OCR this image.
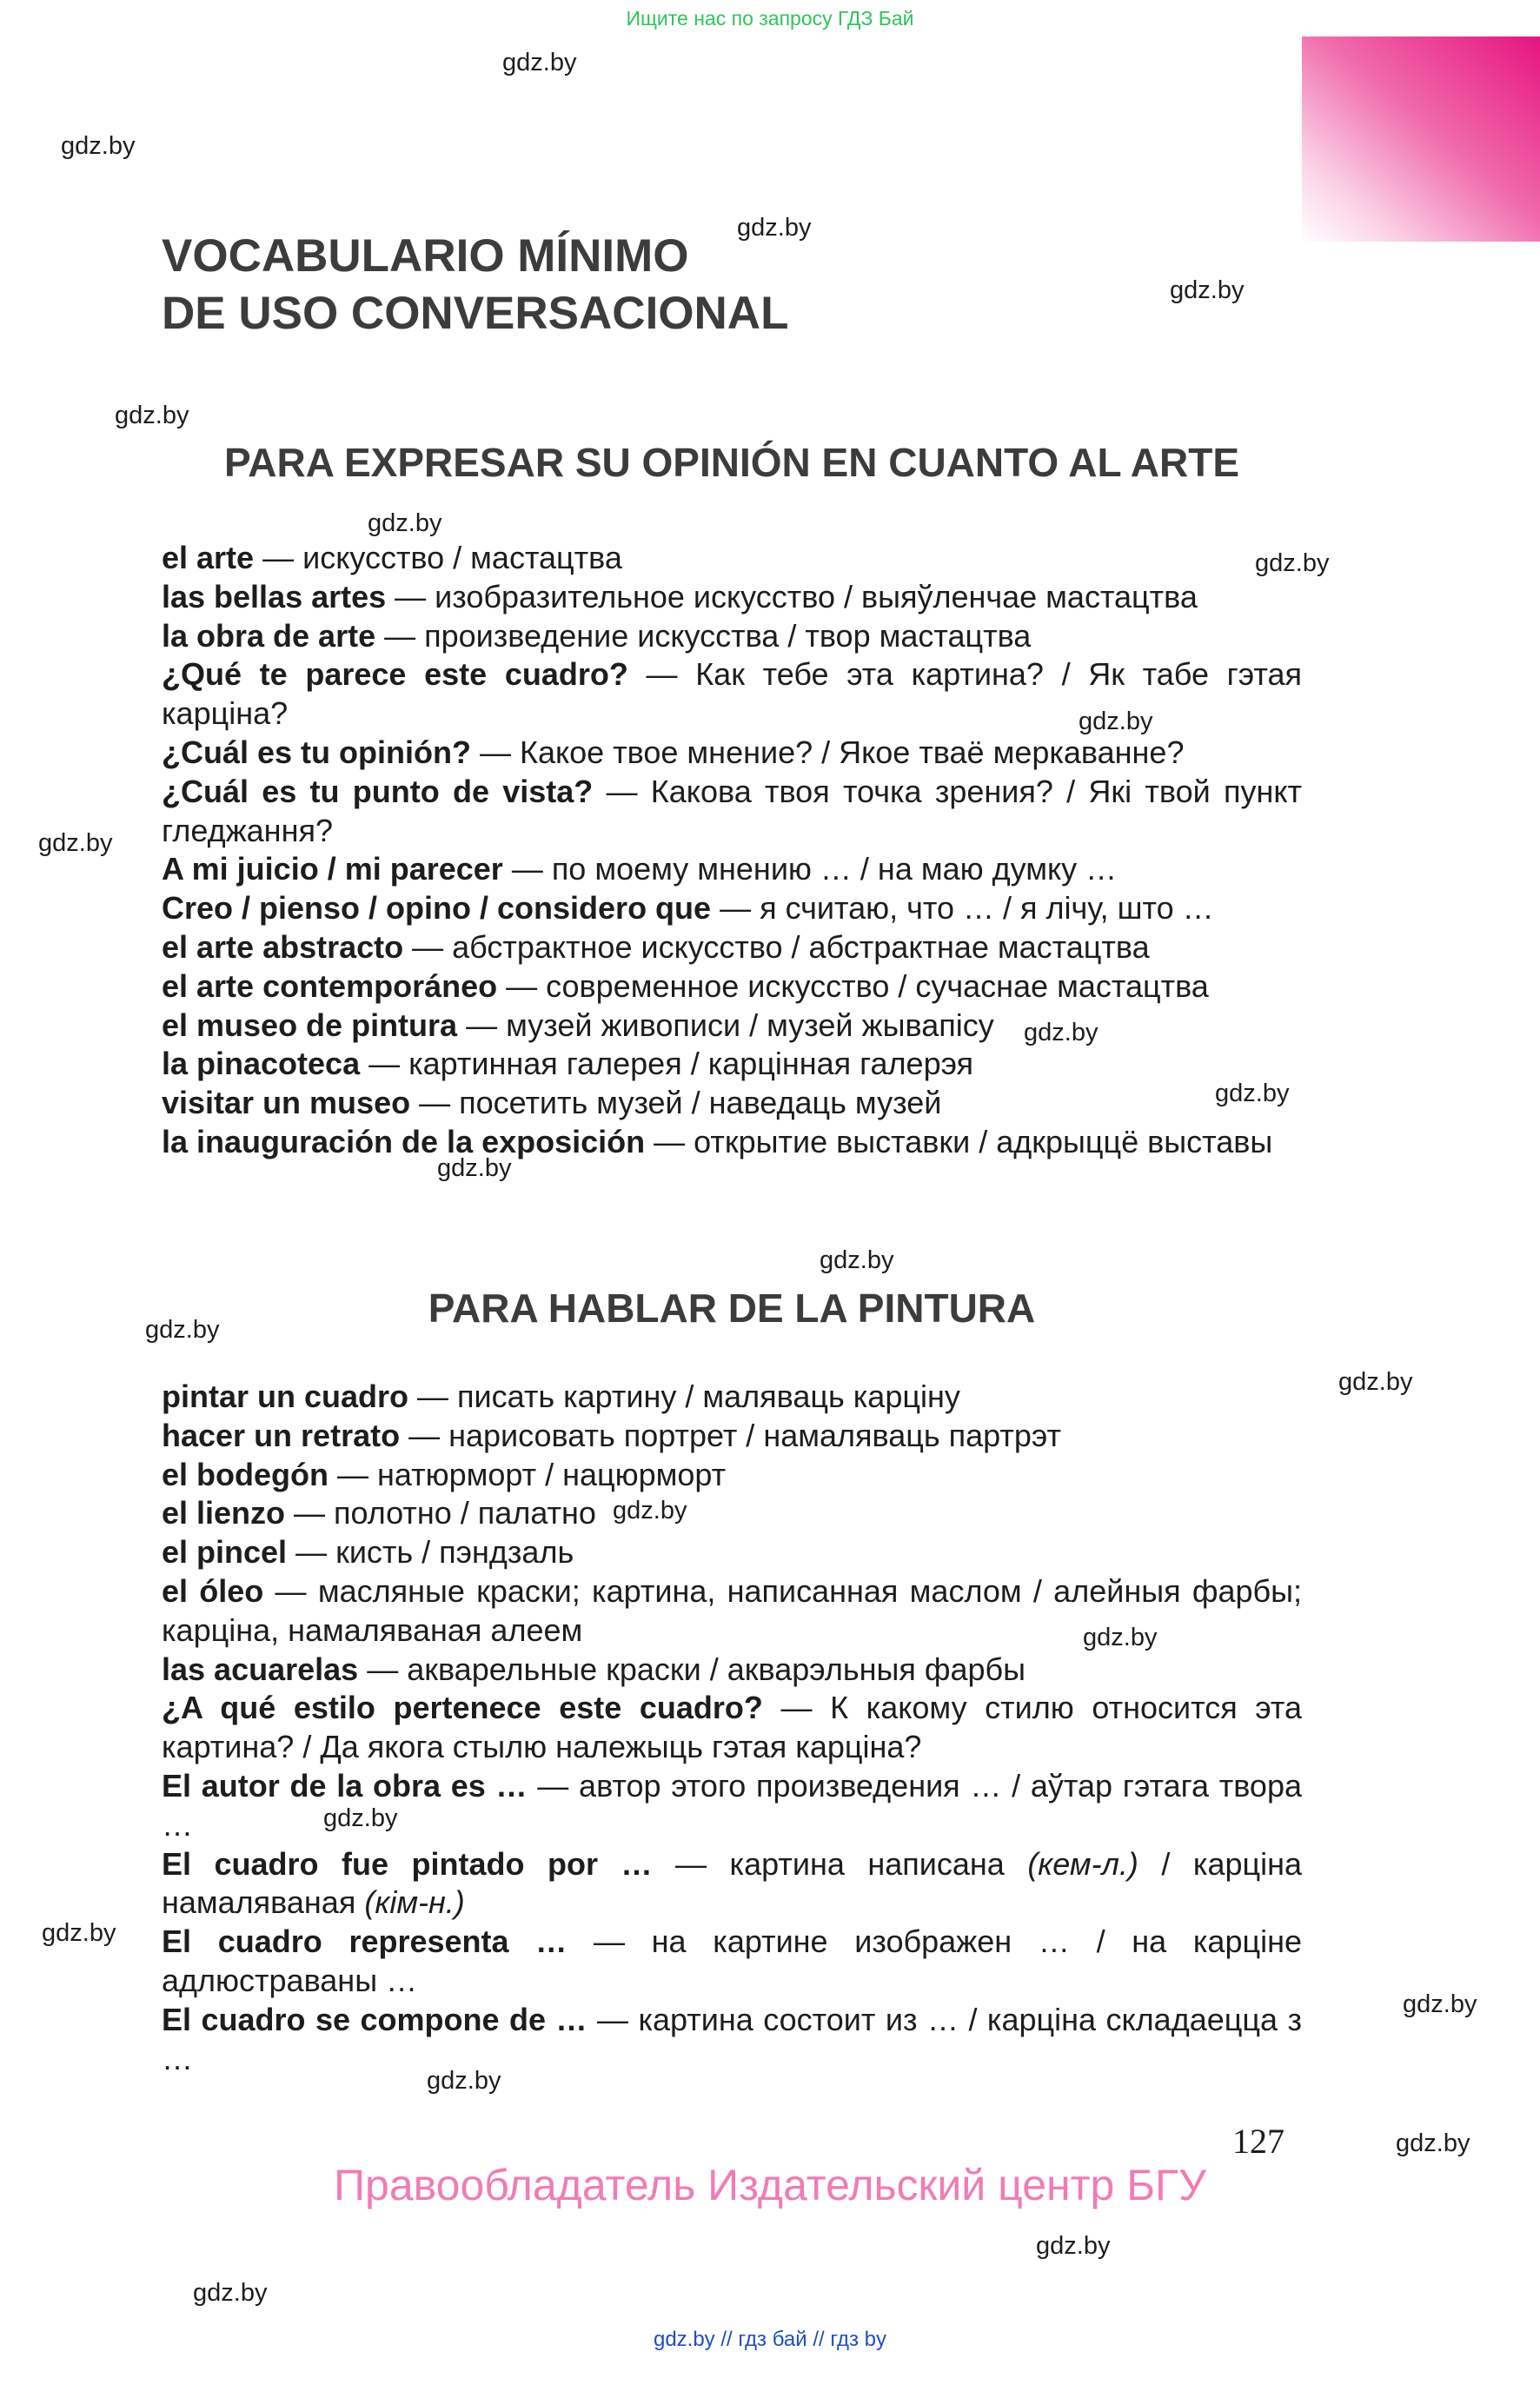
Ищите нас по запросу ГДЗ Бай
gdz.by
gdz.by
gdz.by
gdz.by
gdz.by
gdz.by
gdz.by
gdz.by
gdz.by
gdz.by
gdz.by
gdz.by
gdz.by
gdz.by
gdz.by
gdz.by
gdz.by
gdz.by
gdz.by
gdz.by
gdz.by
gdz.by
gdz.by
gdz.by
VOCABULARIO MÍNIMO
DE USO CONVERSACIONAL
PARA EXPRESAR SU OPINIÓN EN CUANTO AL ARTE
el arte — искусство / мастацтва
las bellas artes — изобразительное искусство / выяўленчае мастацтва
la obra de arte — произведение искусства / твор мастацтва
¿Qué te parece este cuadro? — Как тебе эта картина? / Як табе гэтая карціна?
¿Cuál es tu opinión? — Какое твое мнение? / Якое тваё меркаванне?
¿Cuál es tu punto de vista? — Какова твоя точка зрения? / Які твой пункт гледжання?
A mi juicio / mi parecer — по моему мнению … / на маю думку …
Creo / pienso / opino / considero que — я считаю, что … / я лічу, што …
el arte abstracto — абстрактное искусство / абстрактнае мастацтва
el arte contemporáneo — современное искусство / сучаснае мастацтва
el museo de pintura — музей живописи / музей жывапісу
la pinacoteca — картинная галерея / карцінная галерэя
visitar un museo — посетить музей / наведаць музей
la inauguración de la exposición — открытие выставки / адкрыццё выставы
PARA HABLAR DE LA PINTURA
pintar un cuadro — писать картину / маляваць карціну
hacer un retrato — нарисовать портрет / намаляваць партрэт
el bodegón — натюрморт / нацюрморт
el lienzo — полотно / палатно
el pincel — кисть / пэндзаль
el óleo — масляные краски; картина, написанная маслом / алейныя фарбы; карціна, намаляваная алеем
las acuarelas — акварельные краски / акварэльныя фарбы
¿A qué estilo pertenece este cuadro? — К какому стилю относится эта картина? / Да якога стылю належыць гэтая карціна?
El autor de la obra es … — автор этого произведения … / аўтар гэтага твора …
El cuadro fue pintado por … — картина написана (кем-л.) / карціна намаляваная (кім-н.)
El cuadro representa … — на картине изображен … / на карціне адлюстраваны …
El cuadro se compone de … — картина состоит из … / карціна складаецца з …
127
Правообладатель Издательский центр БГУ
gdz.by // гдз бай // гдз by
